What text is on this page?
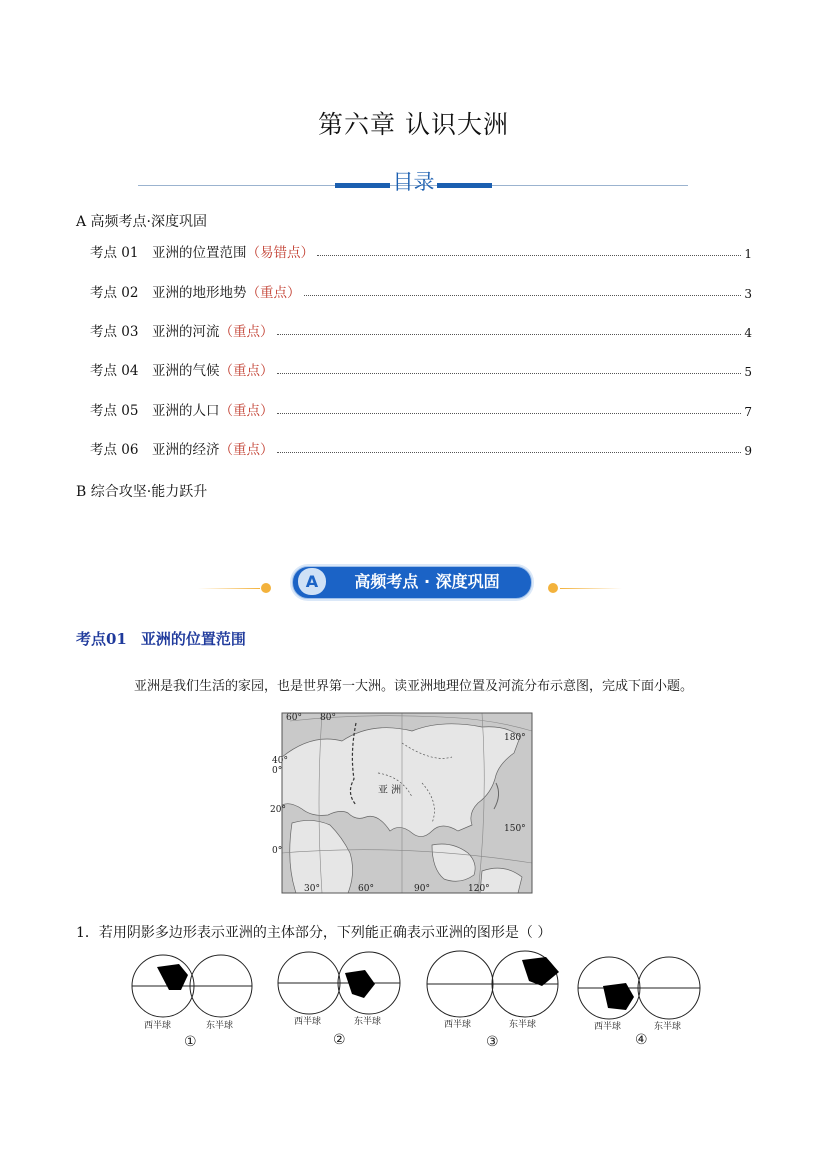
第六章 认识大洲
目录
A 高频考点·深度巩固
考点 01	亚洲的位置范围 （易错点）	1
考点 02	亚洲的地形地势 （重点）	3
考点 03	亚洲的河流 （重点）	4
考点 04	亚洲的气候 （重点）	5
考点 05	亚洲的人口 （重点）	7
考点 06	亚洲的经济 （重点）	9
B 综合攻坚·能力跃升
A	高频考点 · 深度巩固
考点01 亚洲的位置范围
亚洲是我们生活的家园，也是世界第一大洲。读亚洲地理位置及河流分布示意图，完成下面小题。
亚 洲
60° 80°
40°
0°
20°
0°
180°
150°
30°	60°	90°	120°
1．若用阴影多边形表示亚洲的主体部分，下列能正确表示亚洲的图形是（ ）
西半球	东半球
①
西半球	东半球
②
西半球	东半球
③
西半球	东半球
④
